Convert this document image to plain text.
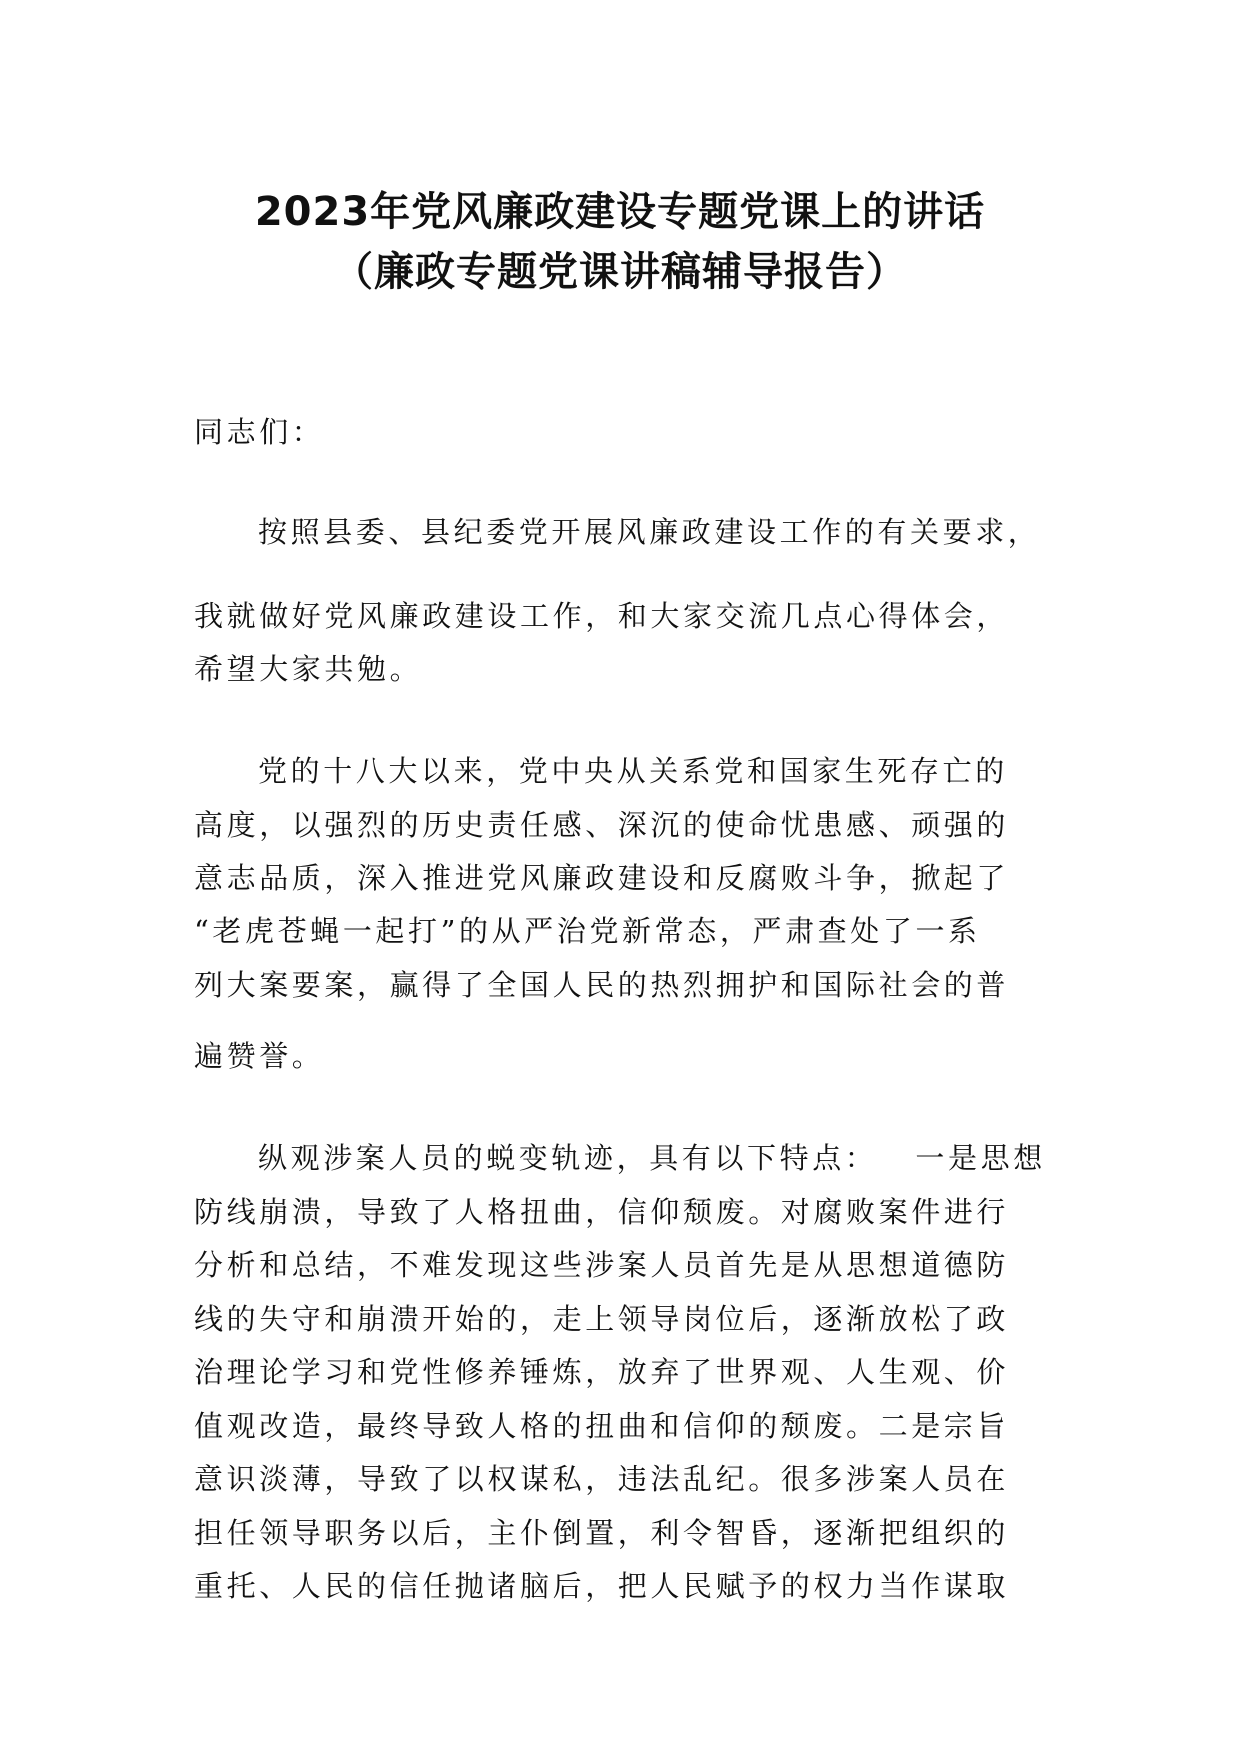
2023年党风廉政建设专题党课上的讲话
（廉政专题党课讲稿辅导报告）

同志们：

按照县委、县纪委党开展风廉政建设工作的有关要求，

我就做好党风廉政建设工作，和大家交流几点心得体会，

希望大家共勉。

党的十八大以来，党中央从关系党和国家生死存亡的

高度，以强烈的历史责任感、深沉的使命忧患感、顽强的

意志品质，深入推进党风廉政建设和反腐败斗争，掀起了

“老虎苍蝇一起打”的从严治党新常态，严肃查处了一系

列大案要案，赢得了全国人民的热烈拥护和国际社会的普

遍赞誉。

纵观涉案人员的蜕变轨迹，具有以下特点： 一是思想

防线崩溃，导致了人格扭曲，信仰颓废。对腐败案件进行

分析和总结，不难发现这些涉案人员首先是从思想道德防

线的失守和崩溃开始的，走上领导岗位后，逐渐放松了政

治理论学习和党性修养锤炼，放弃了世界观、人生观、价

值观改造，最终导致人格的扭曲和信仰的颓废。二是宗旨

意识淡薄，导致了以权谋私，违法乱纪。很多涉案人员在

担任领导职务以后，主仆倒置，利令智昏，逐渐把组织的

重托、人民的信任抛诸脑后，把人民赋予的权力当作谋取
